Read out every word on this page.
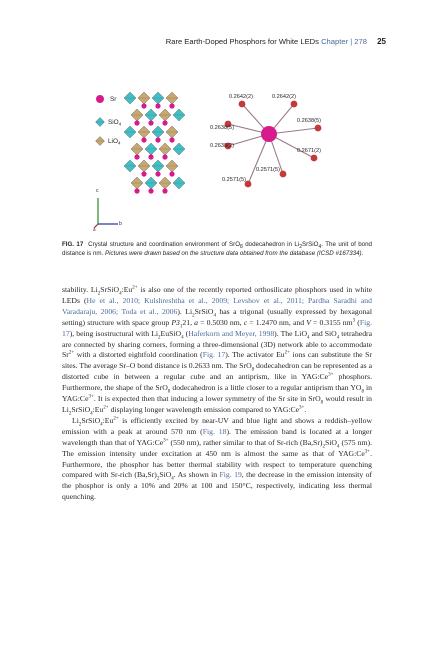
Rare Earth-Doped Phosphors for White LEDs Chapter | 278 25
Sr
SiO$_4$
LiO$_4$
c
b
a
0.2642(2)	0.2642(2)
0.2638(5)
0.2638(5)
0.2638(2)
0.2671(2)
0.2571(5)
0.2571(5)
FIG. 17 Crystal structure and coordination environment of SrO$_8$ dodecahedron in $Li_2SrSiO_4$. The unit of bond distance is nm. Pictures were drawn based on the structure data obtained from the database (ICSD #167334).

stability. $Li_2SrSiO_4:Eu^{2+}$ is also one of the recently reported orthosilicate phosphors used in white LEDs (He et al., 2010; Kulshreshtha et al., 2009; Levshov et al., 2011; Pardha Saradhi and Varadaraju, 2006; Toda et al., 2006). $Li_2SrSiO_4$ has a trigonal (usually expressed by hexagonal setting) structure with space group $P3_121$, a = 0.5030 nm, c = 1.2470 nm, and V = 0.3155 $nm^3$ (Fig. 17), being isostructural with $Li_2EuSiO_4$ (Haferkorn and Meyer, 1998). The LiO$_4$ and SiO$_4$ tetrahedra are connected by sharing corners, forming a three-dimensional (3D) network able to accommodate $Sr^{2+}$ with a distorted eightfold coordination (Fig. 17). The activator $Eu^{2+}$ ions can substitute the Sr sites. The average Sr–O bond distance is 0.2633 nm. The SrO$_8$ dodecahedron can be represented as a distorted cube in between a regular cube and an antiprism, like in $YAG:Ce^{3+}$ phosphors. Furthermore, the shape of the SrO$_8$ dodecahedron is a little closer to a regular antiprism than $YO_8$ in $YAG:Ce^{3+}$. It is expected then that inducing a lower symmetry of the Sr site in SrO$_8$ would result in $Li_2SrSiO_4:Eu^{2+}$ displaying longer wavelength emission compared to $YAG:Ce^{3+}$.

$Li_2SrSiO_4:Eu^{2+}$ is efficiently excited by near-UV and blue light and shows a reddish–yellow emission with a peak at around 570 nm (Fig. 18). The emission band is located at a longer wavelength than that of $YAG:Ce^{3+}$ (550 nm), rather similar to that of Sr-rich $(Ba,Sr)_2SiO_4$ (575 nm). The emission intensity under excitation at 450 nm is almost the same as that of $YAG:Ce^{3+}$. Furthermore, the phosphor has better thermal stability with respect to temperature quenching compared with Sr-rich $(Ba,Sr)_2SiO_4$. As shown in Fig. 19, the decrease in the emission intensity of the phosphor is only a 10% and 20% at 100 and 150°C, respectively, indicating less thermal quenching.
